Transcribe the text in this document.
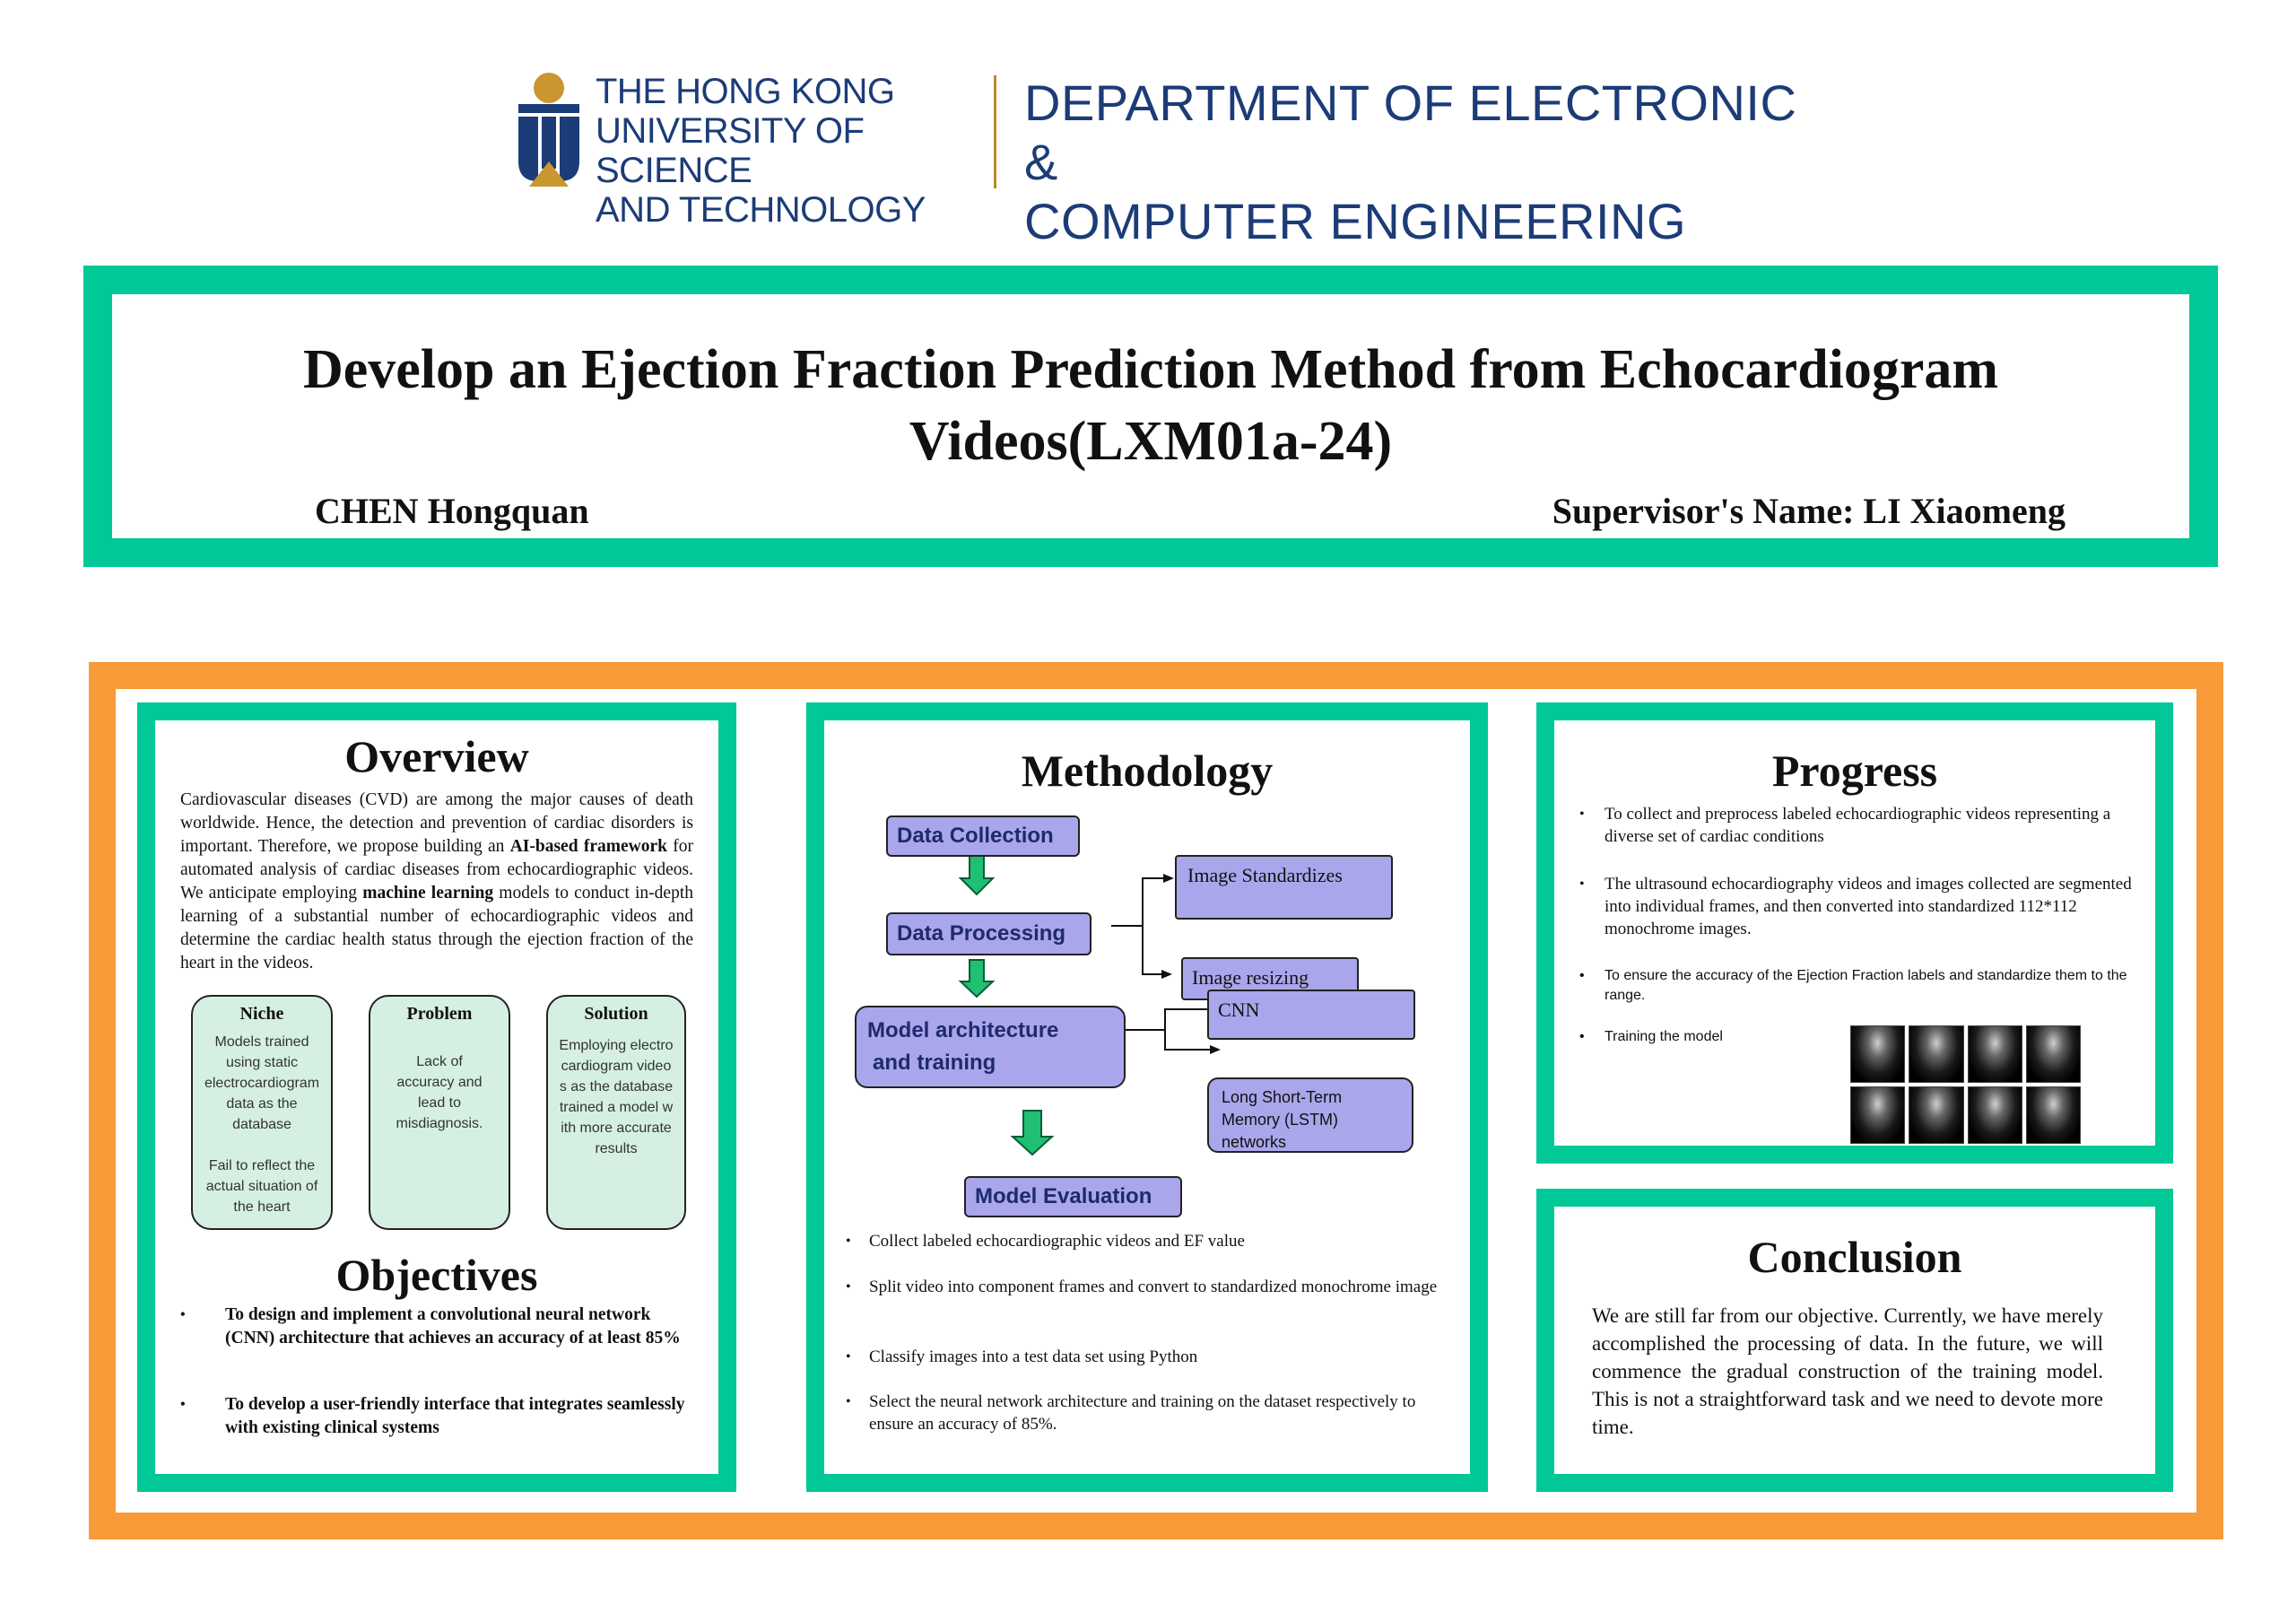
THE HONG KONG
UNIVERSITY OF SCIENCE
AND TECHNOLOGY
DEPARTMENT OF ELECTRONIC &
COMPUTER ENGINEERING
Develop an Ejection Fraction Prediction Method from Echocardiogram
Videos(LXM01a-24)
CHEN Hongquan	Supervisor's Name: LI Xiaomeng
Overview
Cardiovascular diseases (CVD) are among the major causes of death worldwide. Hence, the detection and prevention of cardiac disorders is important. Therefore, we propose building an AI-based framework for automated analysis of cardiac diseases from echocardiographic videos. We anticipate employing machine learning models to conduct in-depth learning of a substantial number of echocardiographic videos and determine the cardiac health status through the ejection fraction of the heart in the videos.
Niche
Models trained using static electrocardiogram data as the database
Fail to reflect the actual situation of the heart
Problem
Lack of accuracy and lead to misdiagnosis.
Solution
Employing electrocardiogram videos as the database trained a model with more accurate results
Objectives
• To design and implement a convolutional neural network (CNN) architecture that achieves an accuracy of at least 85%
• To develop a user-friendly interface that integrates seamlessly with existing clinical systems
Methodology
Data Collection
Data Processing
Image Standardizes
Image resizing
Model architecture
and training
CNN
Long Short-Term Memory (LSTM) networks
Model Evaluation
• Collect labeled echocardiographic videos and EF value
• Split video into component frames and convert to standardized monochrome image
• Classify images into a test data set using Python
• Select the neural network architecture and training on the dataset respectively to ensure an accuracy of 85%.
Progress
• To collect and preprocess labeled echocardiographic videos representing a diverse set of cardiac conditions
• The ultrasound echocardiography videos and images collected are segmented into individual frames, and then converted into standardized 112*112 monochrome images.
• To ensure the accuracy of the Ejection Fraction labels and standardize them to the range.
• Training the model
Conclusion
We are still far from our objective. Currently, we have merely accomplished the processing of data. In the future, we will commence the gradual construction of the training model. This is not a straightforward task and we need to devote more time.
